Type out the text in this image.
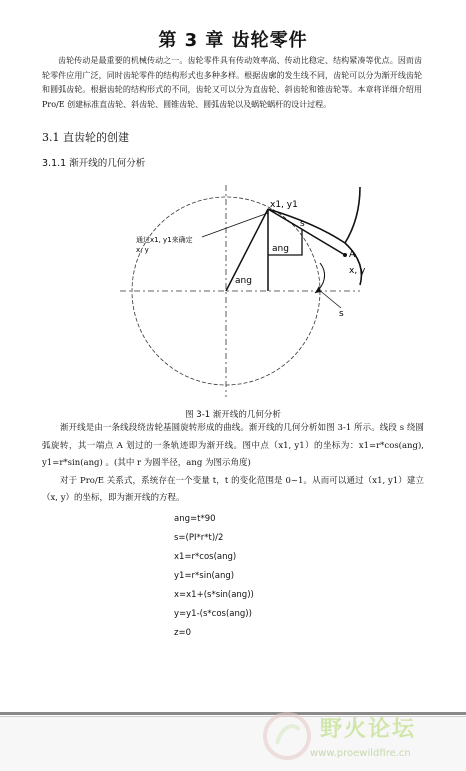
第 3 章 齿轮零件
齿轮传动是最重要的机械传动之一。齿轮零件具有传动效率高、传动比稳定、结构紧凑等优点。因而齿轮零件应用广泛，同时齿轮零件的结构形式也多种多样。根据齿廓的发生线不同，齿轮可以分为渐开线齿轮和圆弧齿轮。根据齿轮的结构形式的不同，齿轮又可以分为直齿轮、斜齿轮和锥齿轮等。本章将详细介绍用 Pro/E 创建标准直齿轮、斜齿轮、圆锥齿轮、圆弧齿轮以及蜗轮蜗杆的设计过程。
3.1 直齿轮的创建
3.1.1 渐开线的几何分析
x1, y1
s
ang
ang
A
x, y
s
通过x1, y1来确定
x, y
图 3-1 渐开线的几何分析

渐开线是由一条线段绕齿轮基圆旋转形成的曲线。渐开线的几何分析如图 3-1 所示。线段 s 绕圆弧旋转，其一端点 A 划过的一条轨迹即为渐开线。图中点（x1, y1）的坐标为：x1=r*cos(ang), y1=r*sin(ang) 。(其中 r 为圆半径，ang 为图示角度)

对于 Pro/E 关系式，系统存在一个变量 t，t 的变化范围是 0~1。从而可以通过（x1, y1）建立（x, y）的坐标，即为渐开线的方程。

ang=t*90
s=(PI*r*t)/2
x1=r*cos(ang)
y1=r*sin(ang)
x=x1+(s*sin(ang))
y=y1-(s*cos(ang))
z=0
野火论坛
www.proewildfire.cn
